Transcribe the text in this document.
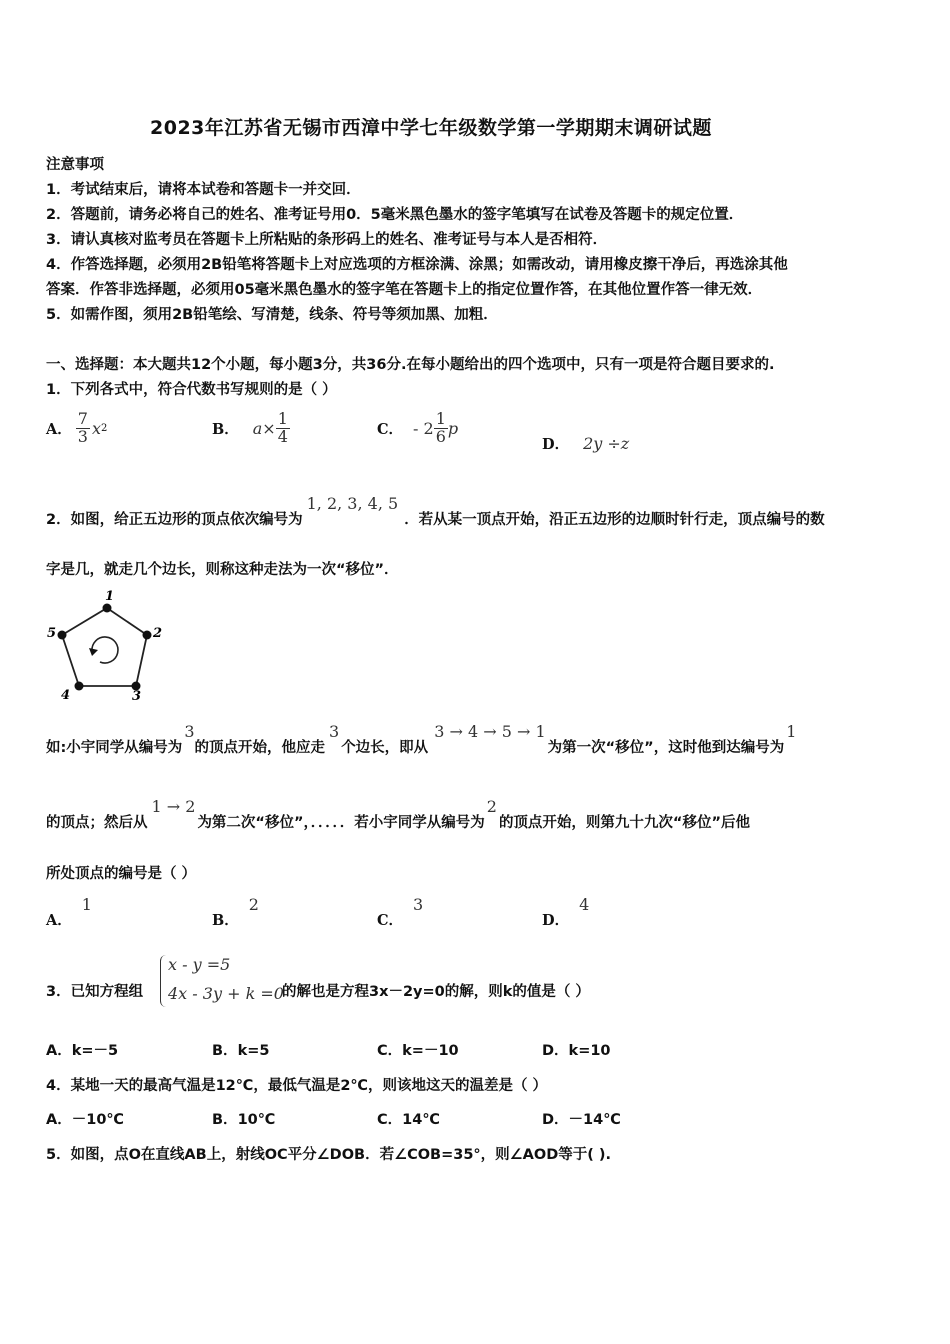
2023年江苏省无锡市西漳中学七年级数学第一学期期末调研试题
注意事项
1．考试结束后，请将本试卷和答题卡一并交回．
2．答题前，请务必将自己的姓名、准考证号用0．5毫米黑色墨水的签字笔填写在试卷及答题卡的规定位置．
3．请认真核对监考员在答题卡上所粘贴的条形码上的姓名、准考证号与本人是否相符．
4．作答选择题，必须用2B铅笔将答题卡上对应选项的方框涂满、涂黑；如需改动，请用橡皮擦干净后，再选涂其他
答案．作答非选择题，必须用05毫米黑色墨水的签字笔在答题卡上的指定位置作答，在其他位置作答一律无效．
5．如需作图，须用2B铅笔绘、写清楚，线条、符号等须加黑、加粗．
一、选择题：本大题共12个小题，每小题3分，共36分.在每小题给出的四个选项中，只有一项是符合题目要求的.
1．下列各式中，符合代数书写规则的是（ ）
A． $\frac{7}{3}$ x 2	B． $a\times \frac{1}{4}$	C． - $2 \frac{1}{6}$ p
D． 2y ÷z
2．如图，给正五边形的顶点依次编号为
1, 2, 3, 4, 5
．若从某一顶点开始，沿正五边形的边顺时针行走，顶点编号的数
字是几，就走几个边长，则称这种走法为一次“移位”．
1
2
3
4
5
如:小宇同学从编号为
3
的顶点开始，他应走
3
个边长，即从
3 → 4 → 5 → 1
为第一次“移位”，这时他到达编号为
1
的顶点；然后从
1 → 2
为第二次“移位”，．．．．．若小宇同学从编号为
2
的顶点开始，则第九十九次“移位”后他
所处顶点的编号是（ ）
A．
1
B．
2
C．
3
D．
4
3．已知方程组
x - y =5
4x - 3y + k =0
的解也是方程3x－2y=0的解，则k的值是（ ）
A．k=－5	B．k=5	C．k=－10	D．k=10
4．某地一天的最高气温是12℃，最低气温是2℃，则该地这天的温差是（ ）
A．－10℃	B．10℃	C．14℃	D．－14℃
5．如图，点O在直线AB上，射线OC平分∠DOB．若∠COB=35°，则∠AOD等于( ).
